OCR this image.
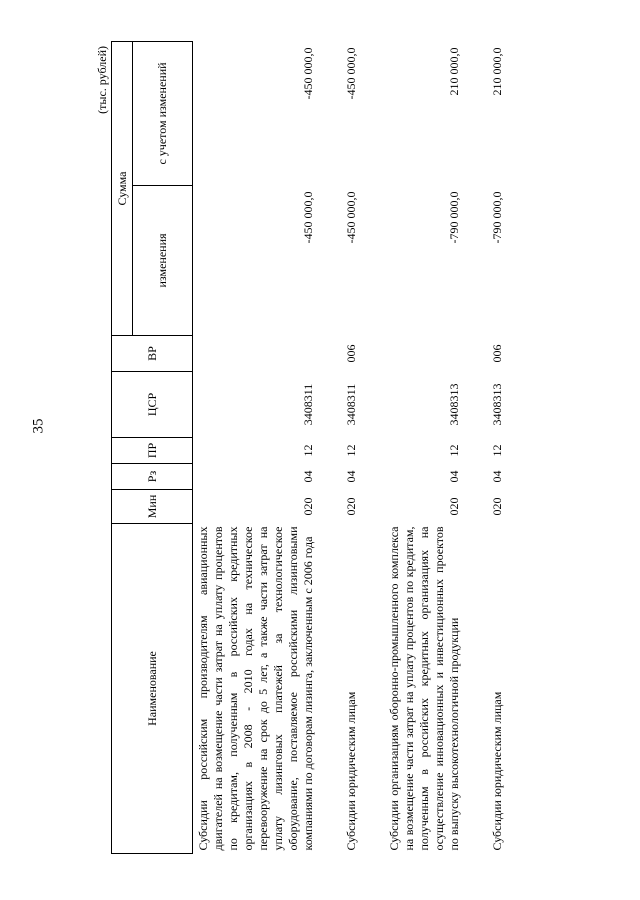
35
(тыс. рублей)
Наименование	Мин	Рз	ПР	ЦСР	ВР	Сумма	
						изменения	с учетом изменений
Субсидии российским производителям авиационных двигателей на возмещение части затрат на уплату процентов по кредитам, полученным в российских кредитных организациях в 2008 - 2010 годах на техническое перевооружение на срок до 5 лет, а также части затрат на уплату лизинговых платежей за технологическое оборудование, поставляемое российскими лизинговыми компаниями по договорам лизинга, заключенным с 2006 года	020	04	12	3408311		-450 000,0	-450 000,0

Субсидии юридическим лицам	020	04	12	3408311	006	-450 000,0	-450 000,0

Субсидии организациям оборонно-промышленного комплекса на возмещение части затрат на уплату процентов по кредитам, полученным в российских кредитных организациях на осуществление инновационных и инвестиционных проектов по выпуску высокотехнологичной продукции	020	04	12	3408313		-790 000,0	210 000,0

Субсидии юридическим лицам	020	04	12	3408313	006	-790 000,0	210 000,0
